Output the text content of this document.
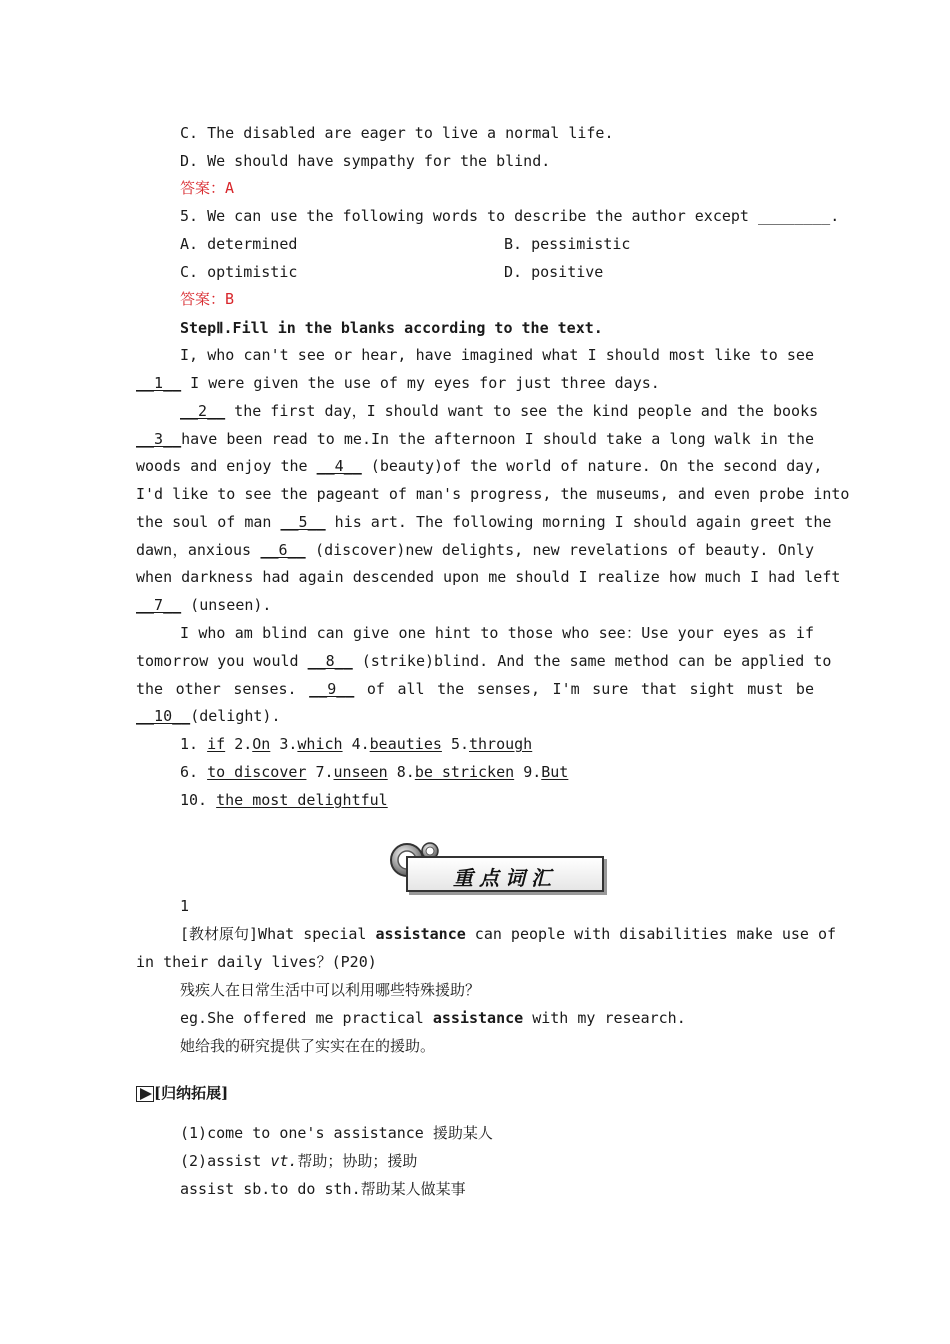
C. The disabled are eager to live a normal life.
D. We should have sympathy for the blind.
答案：A
5. We can use the following words to describe the author except ________.
A. determined	B. pessimistic
C. optimistic	D. positive
答案：B
StepⅡ.Fill in the blanks according to the text.
I, who can't see or hear, have imagined what I should most like to see
__1__ I were given the use of my eyes for just three days.
__2__ the first day，I should want to see the kind people and the books
__3__have been read to me.In the afternoon I should take a long walk in the
woods and enjoy the __4__ (beauty)of the world of nature. On the second day,
I'd like to see the pageant of man's progress, the museums, and even probe into
the soul of man __5__ his art. The following morning I should again greet the
dawn，anxious __6__ (discover)new delights, new revelations of beauty. Only
when darkness had again descended upon me should I realize how much I had left
__7__ (unseen).
I who am blind can give one hint to those who see：Use your eyes as if
tomorrow you would __8__ (strike)blind. And the same method can be applied to
the other senses. __9__ of all the senses, I'm sure that sight must be
__10__(delight).
1. if 2.On 3.which 4.beauties 5.through
6. to discover 7.unseen 8.be stricken 9.But
10. the most delightful
重点词汇
1
[教材原句]What special assistance can people with disabilities make use of
in their daily lives？(P20)
残疾人在日常生活中可以利用哪些特殊援助？
eg.She offered me practical assistance with my research.
她给我的研究提供了实实在在的援助。
[归纳拓展]
(1)come to one's assistance 援助某人
(2)assist vt.帮助；协助；援助
assist sb.to do sth.帮助某人做某事
